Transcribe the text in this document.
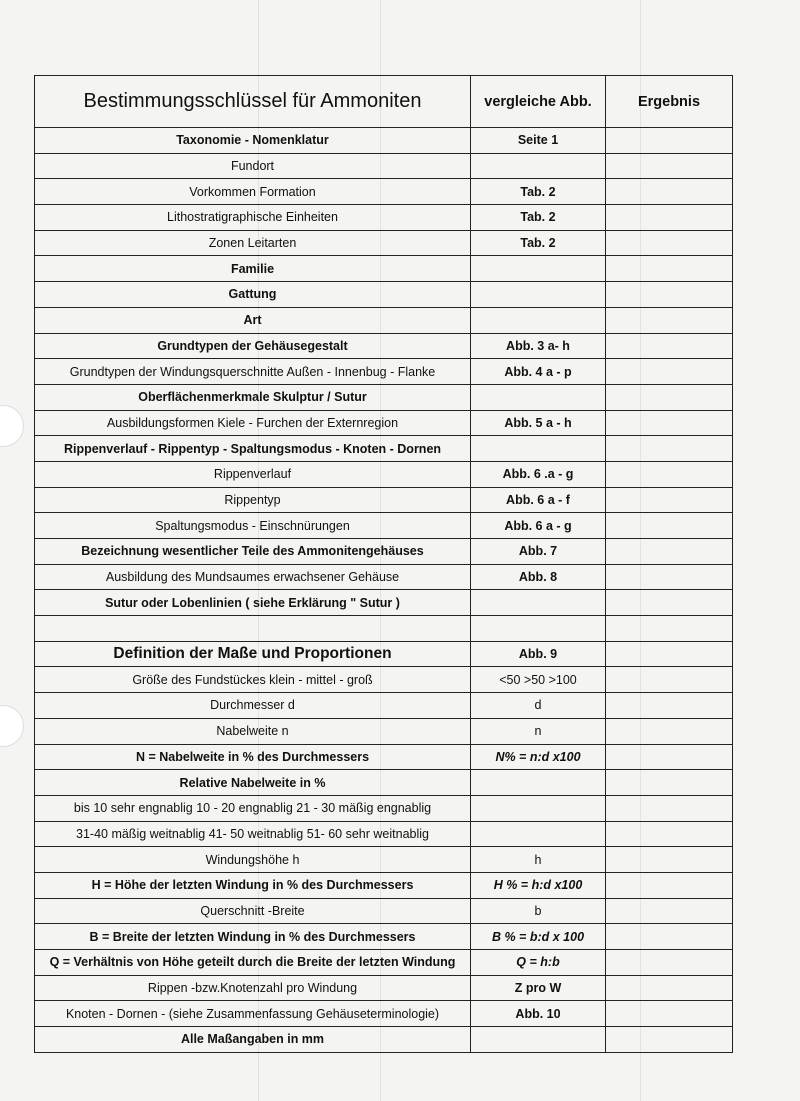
Bestimmungsschlüssel für Ammoniten	vergleiche Abb.	Ergebnis
Taxonomie - Nomenklatur	Seite 1	
Fundort		
Vorkommen Formation	Tab. 2	
Lithostratigraphische Einheiten	Tab. 2	
Zonen Leitarten	Tab. 2	
Familie		
Gattung		
Art		
Grundtypen der Gehäusegestalt	Abb. 3 a- h	
Grundtypen der Windungsquerschnitte Außen - Innenbug - Flanke	Abb. 4 a - p	
Oberflächenmerkmale Skulptur / Sutur		
Ausbildungsformen Kiele - Furchen der Externregion	Abb. 5 a - h	
Rippenverlauf - Rippentyp - Spaltungsmodus - Knoten - Dornen		
Rippenverlauf	Abb. 6 .a - g	
Rippentyp	Abb. 6 a - f	
Spaltungsmodus - Einschnürungen	Abb. 6 a - g	
Bezeichnung wesentlicher Teile des Ammonitengehäuses	Abb. 7	
Ausbildung des Mundsaumes erwachsener Gehäuse	Abb. 8	
Sutur oder Lobenlinien ( siehe Erklärung " Sutur )		

Definition der Maße und Proportionen	Abb. 9	
Größe des Fundstückes klein - mittel - groß	<50 >50 >100	
Durchmesser d	d	
Nabelweite n	n	
N = Nabelweite in % des Durchmessers	N% = n:d x100	
Relative Nabelweite in %		
bis 10 sehr engnablig 10 - 20 engnablig 21 - 30 mäßig engnablig		
31-40 mäßig weitnablig 41- 50 weitnablig 51- 60 sehr weitnablig		
Windungshöhe h	h	
H = Höhe der letzten Windung in % des Durchmessers	H % = h:d x100	
Querschnitt -Breite	b	
B = Breite der letzten Windung in % des Durchmessers	B % = b:d x 100	
Q = Verhältnis von Höhe geteilt durch die Breite der letzten Windung	Q = h:b	
Rippen -bzw.Knotenzahl pro Windung	Z pro W	
Knoten - Dornen - (siehe Zusammenfassung Gehäuseterminologie)	Abb. 10	
Alle Maßangaben in mm		
